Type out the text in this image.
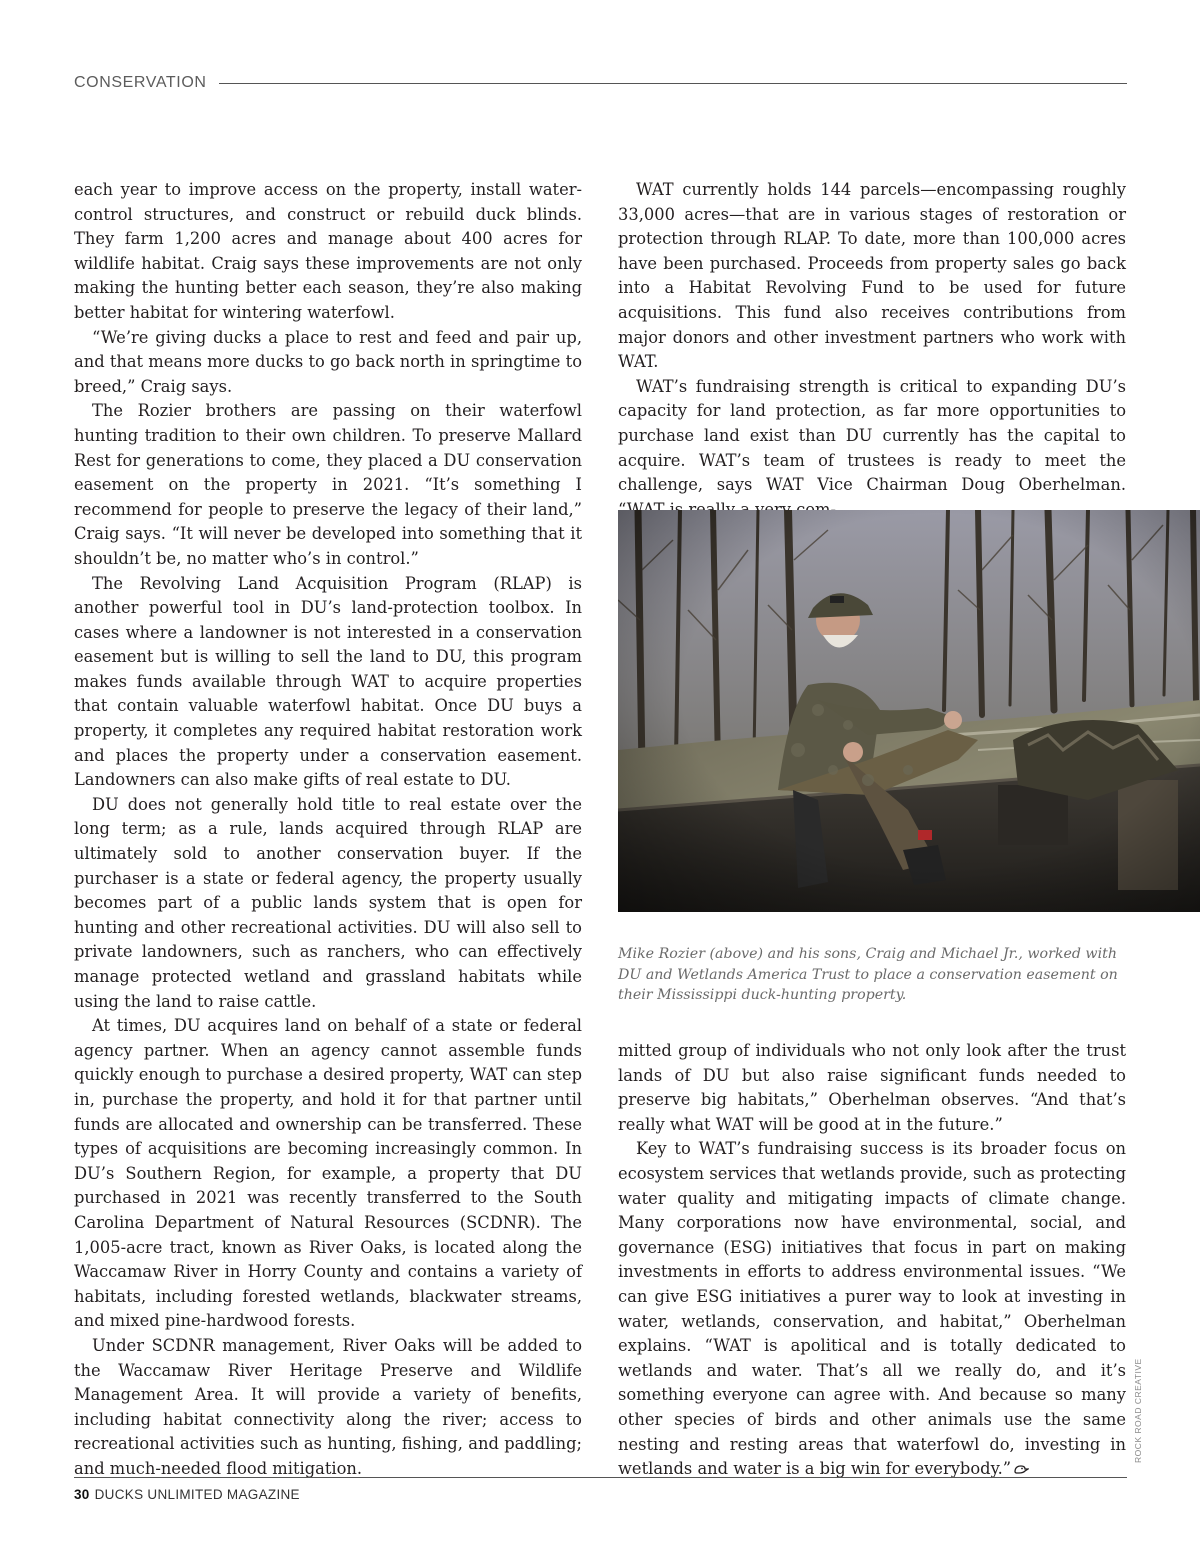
CONSERVATION

each year to improve access on the property, install water-control structures, and construct or rebuild duck blinds. They farm 1,200 acres and manage about 400 acres for wildlife habitat. Craig says these improvements are not only making the hunting better each season, they’re also making better habitat for wintering waterfowl.

“We’re giving ducks a place to rest and feed and pair up, and that means more ducks to go back north in springtime to breed,” Craig says.

The Rozier brothers are passing on their waterfowl hunting tradition to their own children. To preserve Mallard Rest for generations to come, they placed a DU conservation easement on the property in 2021. “It’s something I recommend for people to preserve the legacy of their land,” Craig says. “It will never be developed into something that it shouldn’t be, no matter who’s in control.”

The Revolving Land Acquisition Program (RLAP) is another powerful tool in DU’s land-protection toolbox. In cases where a landowner is not interested in a conservation easement but is willing to sell the land to DU, this program makes funds available through WAT to acquire properties that contain valuable waterfowl habitat. Once DU buys a property, it completes any required habitat restoration work and places the property under a conservation easement. Landowners can also make gifts of real estate to DU.

DU does not generally hold title to real estate over the long term; as a rule, lands acquired through RLAP are ultimately sold to another conservation buyer. If the purchaser is a state or federal agency, the property usually becomes part of a public lands system that is open for hunting and other recreational activities. DU will also sell to private landowners, such as ranchers, who can effectively manage protected wetland and grassland habitats while using the land to raise cattle.

At times, DU acquires land on behalf of a state or federal agency partner. When an agency cannot assemble funds quickly enough to purchase a desired property, WAT can step in, purchase the property, and hold it for that partner until funds are allocated and ownership can be transferred. These types of acquisitions are becoming increasingly common. In DU’s Southern Region, for example, a property that DU purchased in 2021 was recently transferred to the South Carolina Department of Natural Resources (SCDNR). The 1,005-acre tract, known as River Oaks, is located along the Waccamaw River in Horry County and contains a variety of habitats, including forested wetlands, blackwater streams, and mixed pine-hardwood forests.

Under SCDNR management, River Oaks will be added to the Waccamaw River Heritage Preserve and Wildlife Management Area. It will provide a variety of benefits, including habitat connectivity along the river; access to recreational activities such as hunting, fishing, and paddling; and much-needed flood mitigation.

WAT currently holds 144 parcels—encompassing roughly 33,000 acres—that are in various stages of restoration or protection through RLAP. To date, more than 100,000 acres have been purchased. Proceeds from property sales go back into a Habitat Revolving Fund to be used for future acquisitions. This fund also receives contributions from major donors and other investment partners who work with WAT.

WAT’s fundraising strength is critical to expanding DU’s capacity for land protection, as far more opportunities to purchase land exist than DU currently has the capital to acquire. WAT’s team of trustees is ready to meet the challenge, says WAT Vice Chairman Doug Oberhelman.

Mike Rozier (above) and his sons, Craig and Michael Jr., worked with DU and Wetlands America Trust to place a conservation easement on their Mississippi duck-hunting property.

mitted group of individuals who not only look after the trust lands of DU but also raise significant funds needed to preserve big habitats,” Oberhelman observes. “And that’s really what WAT will be good at in the future.”

Key to WAT’s fundraising success is its broader focus on ecosystem services that wetlands provide, such as protecting water quality and mitigating impacts of climate change. Many corporations now have environmental, social, and governance (ESG) initiatives that focus in part on making investments in efforts to address environmental issues. “We can give ESG initiatives a purer way to look at investing in water, wetlands, conservation, and habitat,” Oberhelman explains. “WAT is apolitical and is totally dedicated to wetlands and water. That’s all we really do, and it’s something everyone can agree with. And because so many other species of birds and other animals use the same nesting and resting areas that waterfowl do, investing in wetlands and water is a big win for everybody.”

ROCK ROAD CREATIVE
30 DUCKS UNLIMITED MAGAZINE
